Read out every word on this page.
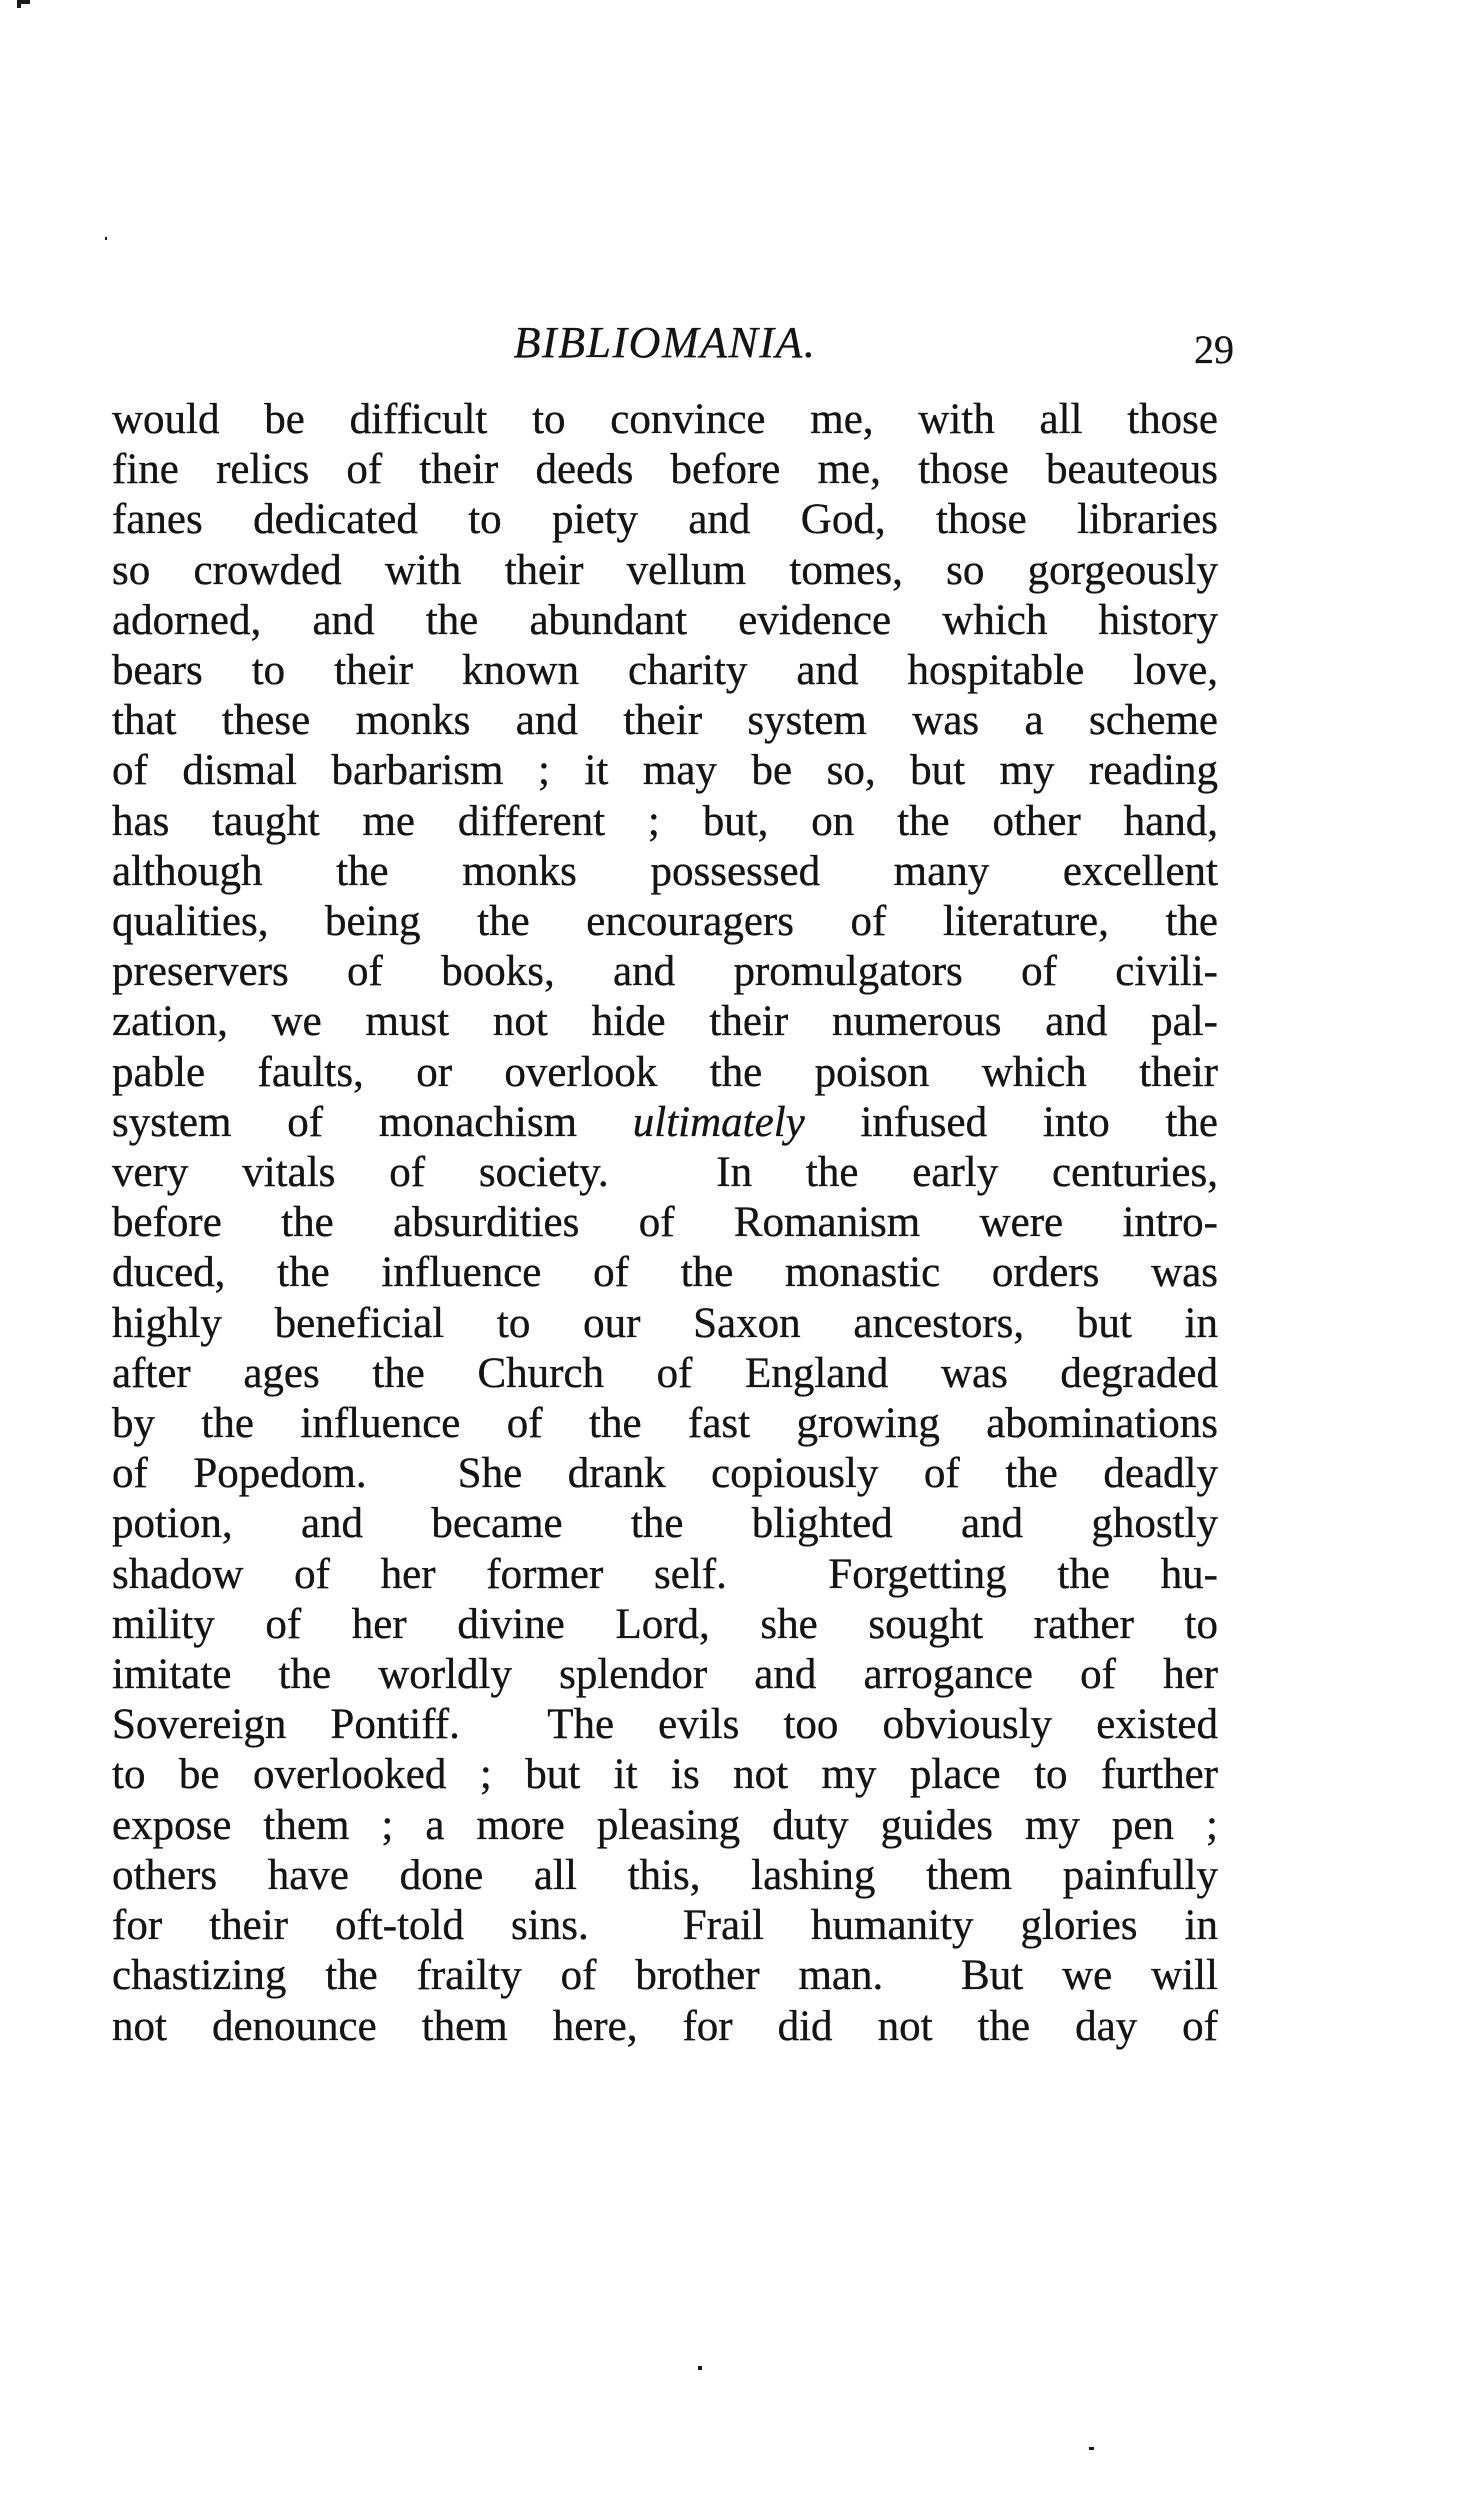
BIBLIOMANIA.	29
would be difficult to convince me, with all those
fine relics of their deeds before me, those beauteous
fanes dedicated to piety and God, those libraries
so crowded with their vellum tomes, so gorgeously
adorned, and the abundant evidence which history
bears to their known charity and hospitable love,
that these monks and their system was a scheme
of dismal barbarism ; it may be so, but my reading
has taught me different ; but, on the other hand,
although the monks possessed many excellent
qualities, being the encouragers of literature, the
preservers of books, and promulgators of civili-
zation, we must not hide their numerous and pal-
pable faults, or overlook the poison which their
system of monachism ultimately infused into the
very vitals of society.  In the early centuries,
before the absurdities of Romanism were intro-
duced, the influence of the monastic orders was
highly beneficial to our Saxon ancestors, but in
after ages the Church of England was degraded
by the influence of the fast growing abominations
of Popedom.  She drank copiously of the deadly
potion, and became the blighted and ghostly
shadow of her former self.  Forgetting the hu-
mility of her divine Lord, she sought rather to
imitate the worldly splendor and arrogance of her
Sovereign Pontiff.  The evils too obviously existed
to be overlooked ; but it is not my place to further
expose them ; a more pleasing duty guides my pen ;
others have done all this, lashing them painfully
for their oft-told sins.  Frail humanity glories in
chastizing the frailty of brother man.  But we will
not denounce them here, for did not the day of
